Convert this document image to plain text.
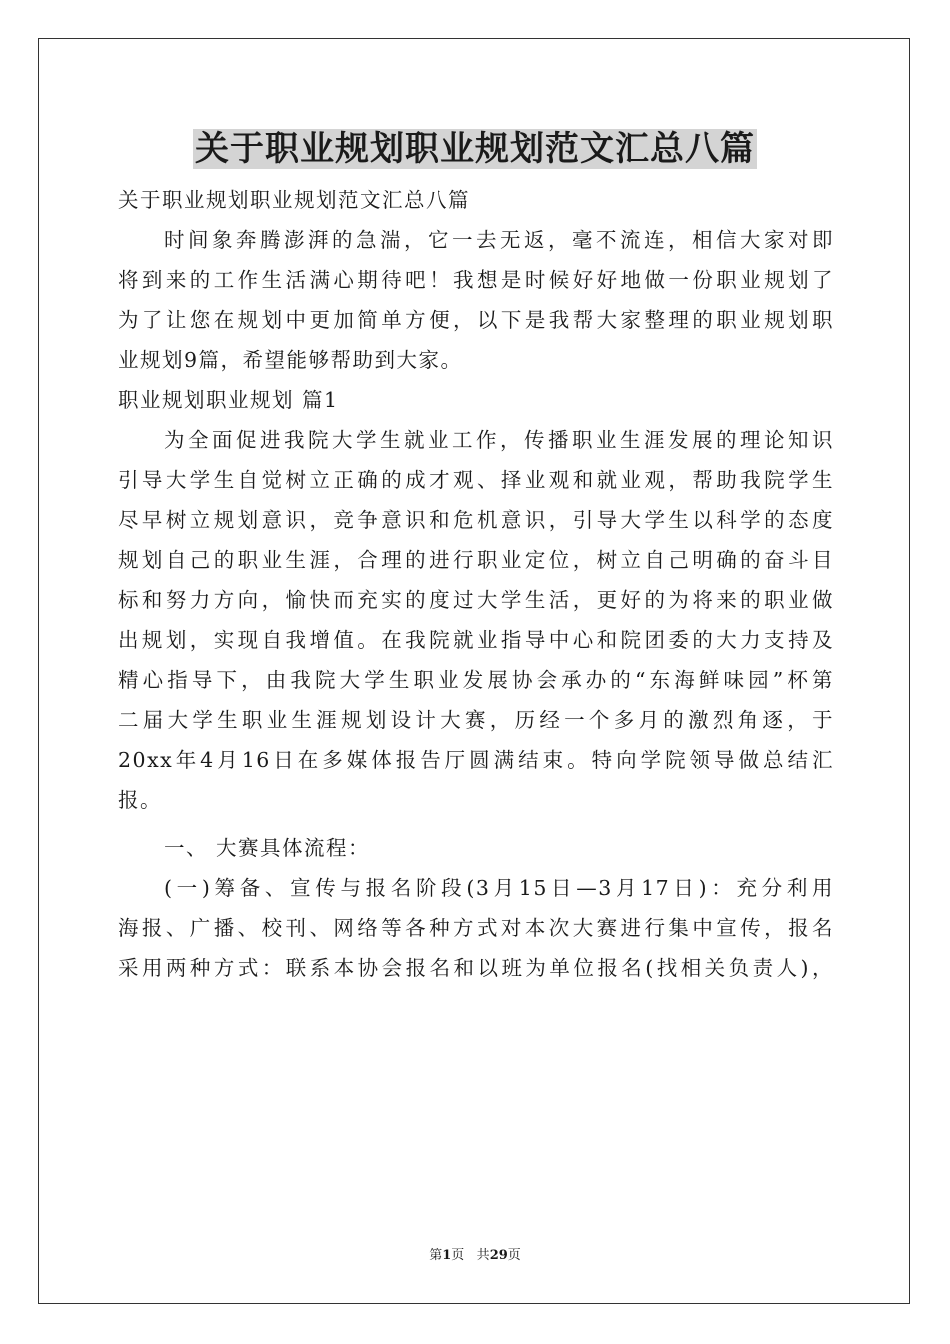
关于职业规划职业规划范文汇总八篇
关于职业规划职业规划范文汇总八篇
时间象奔腾澎湃的急湍，它一去无返，毫不流连，相信大家对即
将到来的工作生活满心期待吧！我想是时候好好地做一份职业规划了
为了让您在规划中更加简单方便，以下是我帮大家整理的职业规划职
业规划9篇，希望能够帮助到大家。
职业规划职业规划 篇1
为全面促进我院大学生就业工作，传播职业生涯发展的理论知识
引导大学生自觉树立正确的成才观、择业观和就业观，帮助我院学生
尽早树立规划意识，竞争意识和危机意识，引导大学生以科学的态度
规划自己的职业生涯，合理的进行职业定位，树立自己明确的奋斗目
标和努力方向，愉快而充实的度过大学生活，更好的为将来的职业做
出规划，实现自我增值。在我院就业指导中心和院团委的大力支持及
精心指导下，由我院大学生职业发展协会承办的“东海鲜味园”杯第
二届大学生职业生涯规划设计大赛，历经一个多月的激烈角逐，于
20xx年4月16日在多媒体报告厅圆满结束。特向学院领导做总结汇
报。
一、 大赛具体流程：
(一)筹备、宣传与报名阶段(3月15日—3月17日)：充分利用
海报、广播、校刊、网络等各种方式对本次大赛进行集中宣传，报名
采用两种方式：联系本协会报名和以班为单位报名(找相关负责人)，
第1页 共29页
